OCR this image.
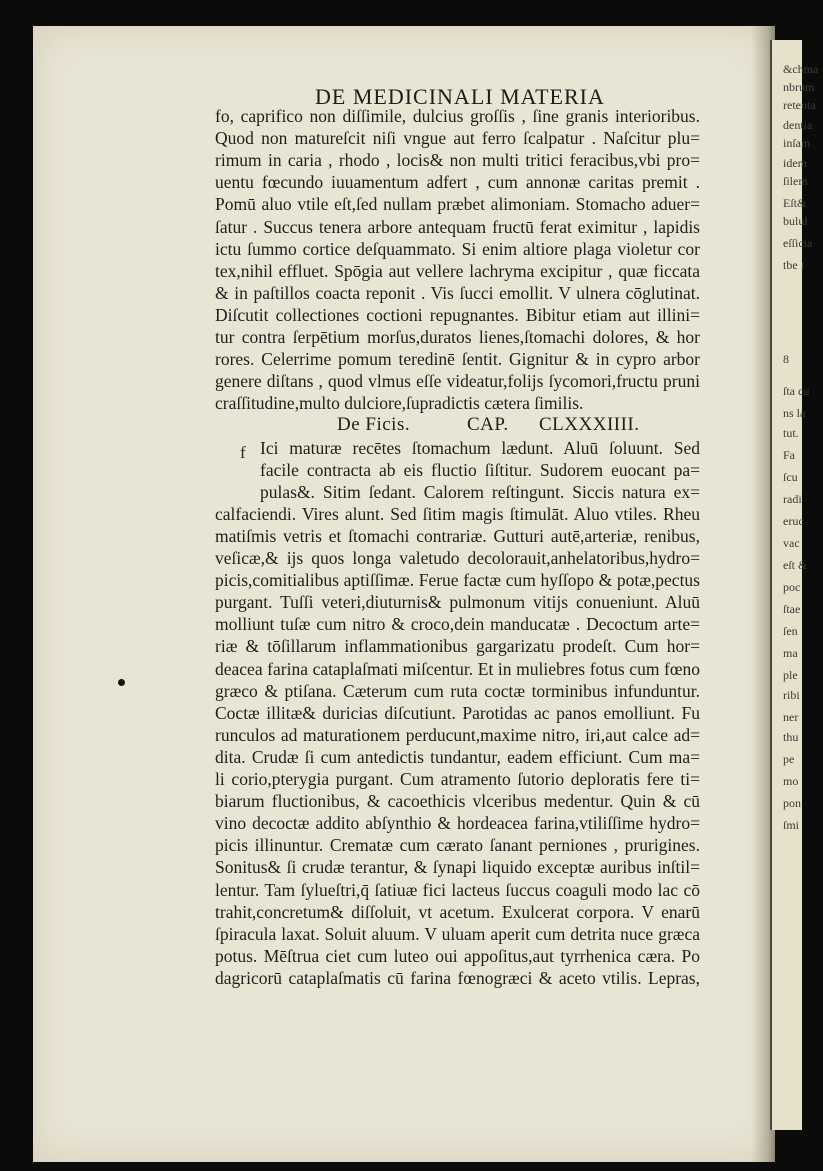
&chma
nbrum
retenta
dentia
inſam
idem
ſilem
Eſt&
bulul
eſſicia
tbe I
8
ſta cu
ns la
tut.
Fa
ſcu
radi
eruc
vac
eſt &
poc
ſtae
ſen
ma
ple
ribi
ner
thu
pe
mo
pon
ſmi
DE MEDICINALI MATERIA
fo, caprifico non diſſimile, dulcius groſſis , ſine granis interioribus.
Quod non matureſcit niſi vngue aut ferro ſcalpatur . Naſcitur plu=
rimum in caria , rhodo , locis& non multi tritici feracibus,vbi pro=
uentu fœcundo iuuamentum adfert , cum annonæ caritas premit .
Pomū aluo vtile eſt,ſed nullam præbet alimoniam. Stomacho aduer=
ſatur . Succus tenera arbore antequam fructū ferat eximitur , lapidis
ictu ſummo cortice deſquammato. Si enim altiore plaga violetur cor
tex,nihil effluet. Spōgia aut vellere lachryma excipitur , quæ ficcata
& in paſtillos coacta reponit . Vis ſucci emollit. V ulnera cōglutinat.
Diſcutit collectiones coctioni repugnantes. Bibitur etiam aut illini=
tur contra ſerpētium morſus,duratos lienes,ſtomachi dolores, & hor
rores. Celerrime pomum teredinē ſentit. Gignitur & in cypro arbor
genere diſtans , quod vlmus eſſe videatur,folijs ſycomori,fructu pruni
craſſitudine,multo dulciore,ſupradictis cætera ſimilis.
De Ficis.	CAP. CLXXXIIII.
Ici maturæ recētes ſtomachum lædunt. Aluū ſoluunt. Sed
facile contracta ab eis fluctio ſiſtitur. Sudorem euocant pa=
pulas&. Sitim ſedant. Calorem reſtingunt. Siccis natura ex=
calfaciendi. Vires alunt. Sed ſitim magis ſtimulāt. Aluo vtiles. Rheu
matiſmis vetris et ſtomachi contrariæ. Gutturi autē,arteriæ, renibus,
veſicæ,& ijs quos longa valetudo decolorauit,anhelatoribus,hydro=
picis,comitialibus aptiſſimæ. Ferue factæ cum hyſſopo & potæ,pectus
purgant. Tuſſi veteri,diuturnis& pulmonum vitijs conueniunt. Aluū
molliunt tuſæ cum nitro & croco,dein manducatæ . Decoctum arte=
riæ & tōſillarum inflammationibus gargarizatu prodeſt. Cum hor=
deacea farina cataplaſmati miſcentur. Et in muliebres fotus cum fœno
græco & ptiſana. Cæterum cum ruta coctæ torminibus infunduntur.
Coctæ illitæ& duricias diſcutiunt. Parotidas ac panos emolliunt. Fu
runculos ad maturationem perducunt,maxime nitro, iri,aut calce ad=
dita. Crudæ ſi cum antedictis tundantur, eadem efficiunt. Cum ma=
li corio,pterygia purgant. Cum atramento ſutorio deploratis fere ti=
biarum fluctionibus, & cacoethicis vlceribus medentur. Quin & cū
vino decoctæ addito abſynthio & hordeacea farina,vtiliſſime hydro=
picis illinuntur. Crematæ cum cærato ſanant perniones , prurigines.
Sonitus& ſi crudæ terantur, & ſynapi liquido exceptæ auribus inſtil=
lentur. Tam ſylueſtri,q̄ ſatiuæ fici lacteus ſuccus coaguli modo lac cō
trahit,concretum& diſſoluit, vt acetum. Exulcerat corpora. V enarū
ſpiracula laxat. Soluit aluum. V uluam aperit cum detrita nuce græca
potus. Mēſtrua ciet cum luteo oui appoſitus,aut tyrrhenica cæra. Po
dagricorū cataplaſmatis cū farina fœnogræci & aceto vtilis. Lepras,
f
